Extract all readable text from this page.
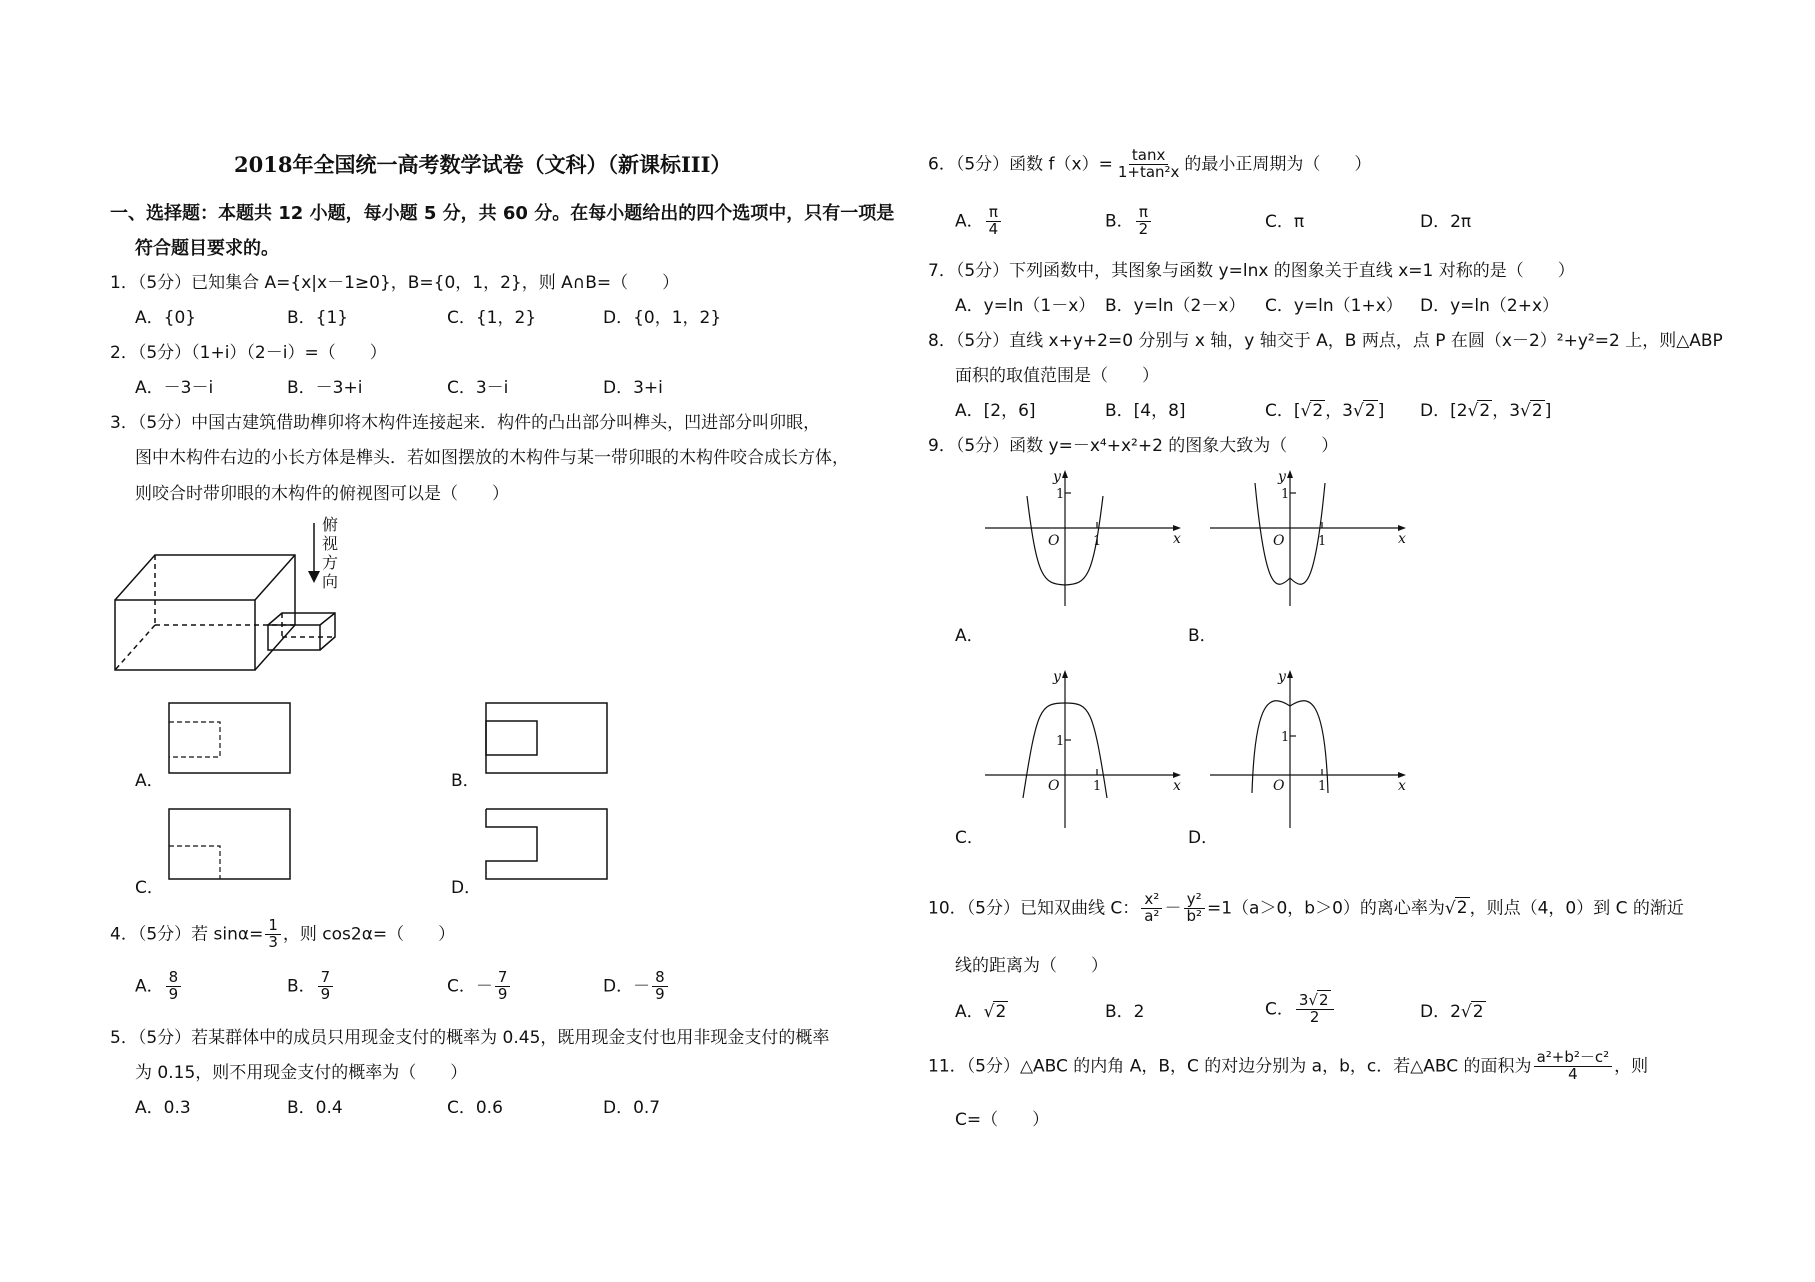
2018年全国统一高考数学试卷（文科）（新课标III）
一、选择题：本题共 12 小题，每小题 5 分，共 60 分。在每小题给出的四个选项中，只有一项是
符合题目要求的。
1．（5分）已知集合 A={x|x－1≥0}，B={0，1，2}，则 A∩B=（　　）
A．{0}	B．{1}	C．{1，2}	D．{0，1，2}
2．（5分）（1+i）（2－i）=（　　）
A．－3－i	B．－3+i	C．3－i	D．3+i
3．（5分）中国古建筑借助榫卯将木构件连接起来．构件的凸出部分叫榫头，凹进部分叫卯眼，
图中木构件右边的小长方体是榫头．若如图摆放的木构件与某一带卯眼的木构件咬合成长方体，
则咬合时带卯眼的木构件的俯视图可以是（　　）
俯
视
方
向
A．	B．
C．	D．
4．（5分）若 $\sin\alpha= \frac{1}{3}$ ，则 cos2α=（　　）
A． $\frac{8}{9}$	B． $\frac{7}{9}$	C．－ $\frac{7}{9}$	D．－ $\frac{8}{9}$
5．（5分）若某群体中的成员只用现金支付的概率为 0.45，既用现金支付也用非现金支付的概率
为 0.15，则不用现金支付的概率为（　　）
A．0.3	B．0.4	C．0.6	D．0.7
6．（5分）函数 $f(x)= \frac{\tan x}{\text{1+tan²x}}$ 的最小正周期为（　　）
A． $\frac{\pi}{4}$	B． $\frac{\pi}{2}$	C．π	D．2π
7．（5分）下列函数中，其图象与函数 y=lnx 的图象关于直线 x=1 对称的是（　　）
A．y=ln（1－x） B．y=ln（2－x） C．y=ln（1+x） D．y=ln（2+x）
8．（5分）直线 x+y+2=0 分别与 x 轴，y 轴交于 A，B 两点，点 P 在圆（x－2）²+y²=2 上，则△ABP
面积的取值范围是（　　）
A．[2，6]	B．[4，8]	C．[√2 ，3√2 ] D．[2√2 ，3√2 ]
9．（5分）函数 y=－x⁴+x²+2 的图象大致为（　　）
y
x
O
1
1
A．
y
x
O
1
1
B．
y
x
O
1
1
C．
y
x
O
1
1
D．
10．（5分）已知双曲线 C： $\frac{\text{x²}}{\text{a²}} - \frac{\text{y²}}{\text{b²}} =1(a>0$，b＞0）的离心率为√2 ，则点（4，0）到 C 的渐近
线的距离为（　　）
A．√2	B．2	C． $\frac{3√2}{2}$	D．2√2
11．（5分）△ABC 的内角 A，B，C 的对边分别为 a，b，c．若△ABC 的面积为 $\frac{\text{a²+b²－c²}}{4}$ ，则
C=（　　）
